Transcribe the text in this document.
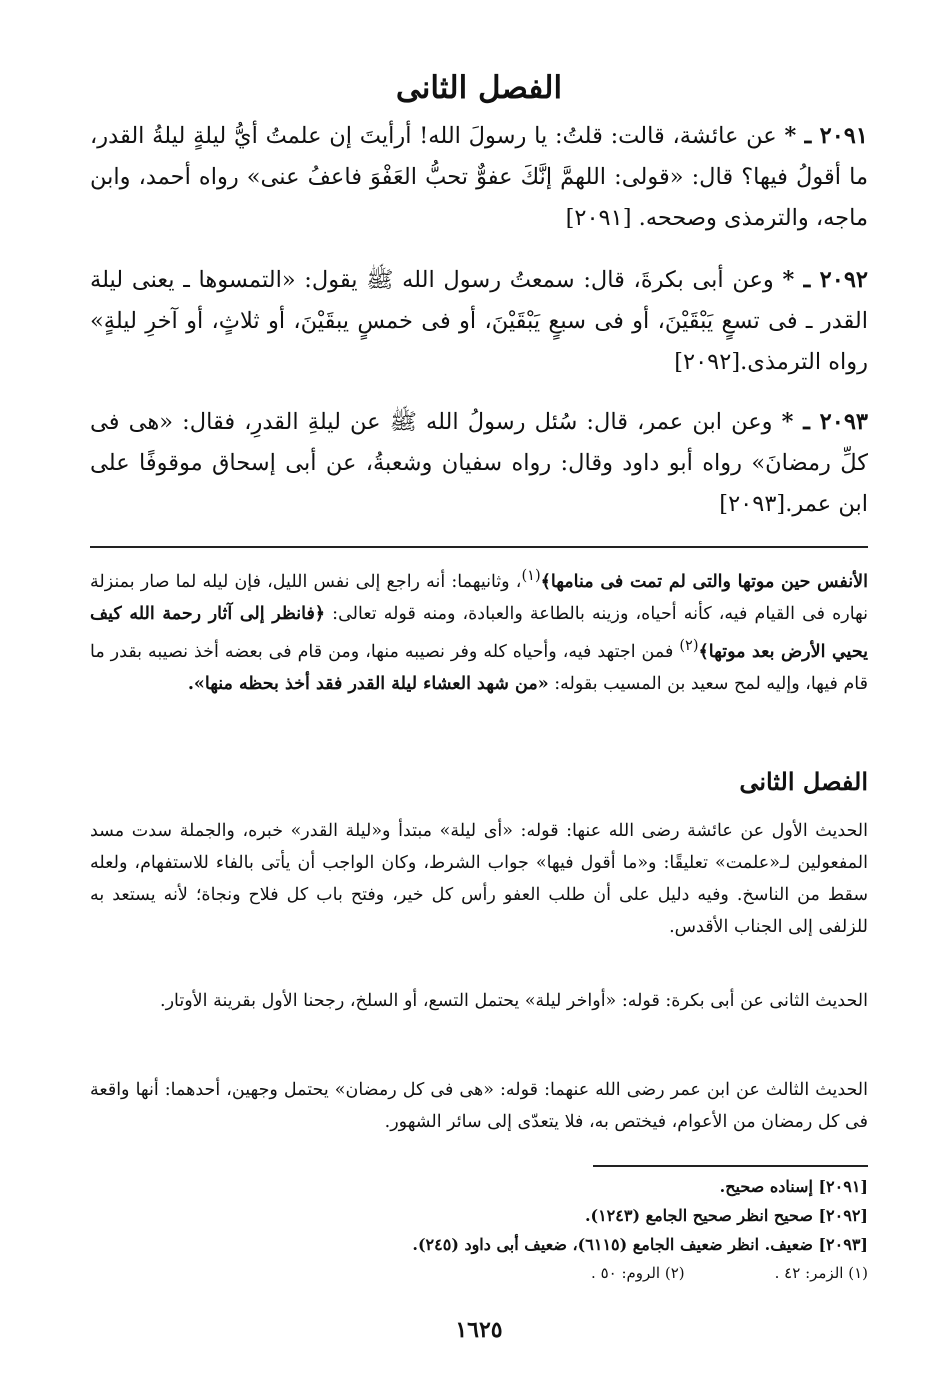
الفصل الثانى

٢٠٩١ ـ * عن عائشة، قالت: قلتُ: يا رسولَ الله! أرأيتَ إن علمتُ أيُّ ليلةٍ ليلةُ القدر، ما أقولُ فيها؟ قال: «قولى: اللهمَّ إنَّكَ عفوٌّ تحبُّ العَفْوَ فاعفُ عنى» رواه أحمد، وابن ماجه، والترمذى وصححه. [٢٠٩١]

٢٠٩٢ ـ * وعن أبى بكرةَ، قال: سمعتُ رسول الله ﷺ يقول: «التمسوها ـ يعنى ليلة القدر ـ فى تسعٍ يَبْقَيْنَ، أو فى سبعٍ يَبْقَيْنَ، أو فى خمسٍ يبقَيْنَ، أو ثلاثٍ، أو آخرِ ليلةٍ» رواه الترمذى.[٢٠٩٢]

٢٠٩٣ ـ * وعن ابن عمر، قال: سُئل رسولُ الله ﷺ عن ليلةِ القدرِ، فقال: «هى فى كلِّ رمضانَ» رواه أبو داود وقال: رواه سفيان وشعبةُ، عن أبى إسحاق موقوفًا على ابن عمر.[٢٠٩٣]

الأنفس حين موتها والتى لم تمت فى منامها﴾$^{(١)}$، وثانيهما: أنه راجع إلى نفس الليل، فإن ليله لما صار بمنزلة نهاره فى القيام فيه، كأنه أحياه، وزينه بالطاعة والعبادة، ومنه قوله تعالى: ﴿فانظر إلى آثار رحمة الله كيف يحيي الأرض بعد موتها﴾$^{(٢)}$ فمن اجتهد فيه، وأحياه كله وفر نصيبه منها، ومن قام فى بعضه أخذ نصيبه بقدر ما قام فيها، وإليه لمح سعيد بن المسيب بقوله: «من شهد العشاء ليلة القدر فقد أخذ بحظه منها».

الفصل الثانى

الحديث الأول عن عائشة رضى الله عنها: قوله: «أى ليلة» مبتدأ و«ليلة القدر» خبره، والجملة سدت مسد المفعولين لـ«علمت» تعليقًا: و«ما أقول فيها» جواب الشرط، وكان الواجب أن يأتى بالفاء للاستفهام، ولعله سقط من الناسخ. وفيه دليل على أن طلب العفو رأس كل خير، وفتح باب كل فلاح ونجاة؛ لأنه يستعد به للزلفى إلى الجناب الأقدس.

الحديث الثانى عن أبى بكرة: قوله: «أواخر ليلة» يحتمل التسع، أو السلخ، رجحنا الأول بقرينة الأوتار.

الحديث الثالث عن ابن عمر رضى الله عنهما: قوله: «هى فى كل رمضان» يحتمل وجهين، أحدهما: أنها واقعة فى كل رمضان من الأعوام، فيختص به، فلا يتعدّى إلى سائر الشهور.

[٢٠٩١] إسناده صحيح.

[٢٠٩٢] صحيح انظر صحيح الجامع (١٢٤٣).

[٢٠٩٣] ضعيف. انظر ضعيف الجامع (٦١١٥)، ضعيف أبى داود (٢٤٥).

(١) الزمر: ٤٢ .(٢) الروم: ٥٠ .

١٦٢٥
